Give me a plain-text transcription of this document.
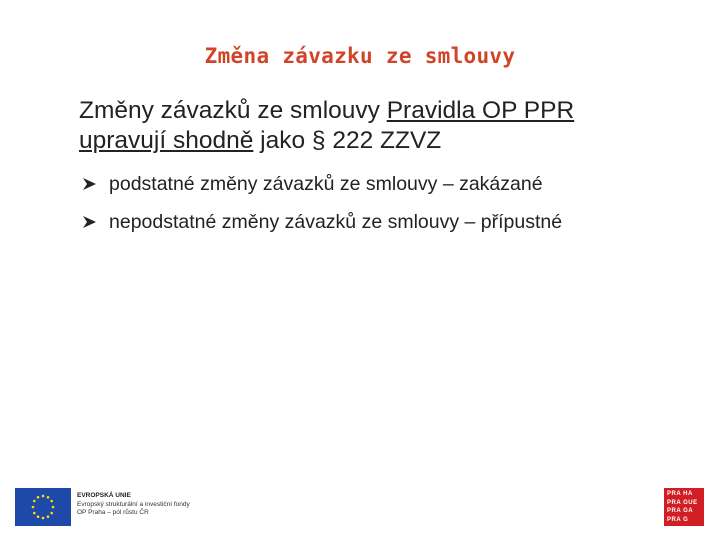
Změna závazku ze smlouvy
Změny závazků ze smlouvy Pravidla OP PPR upravují shodně jako § 222 ZZVZ
podstatné změny závazků ze smlouvy – zakázané
nepodstatné změny závazků ze smlouvy – přípustné
EVROPSKÁ UNIE
Evropský strukturální a investiční fondy
OP Praha – pól růstu ČR
PRA HA
PRA GUE
PRA GA
PRA G
